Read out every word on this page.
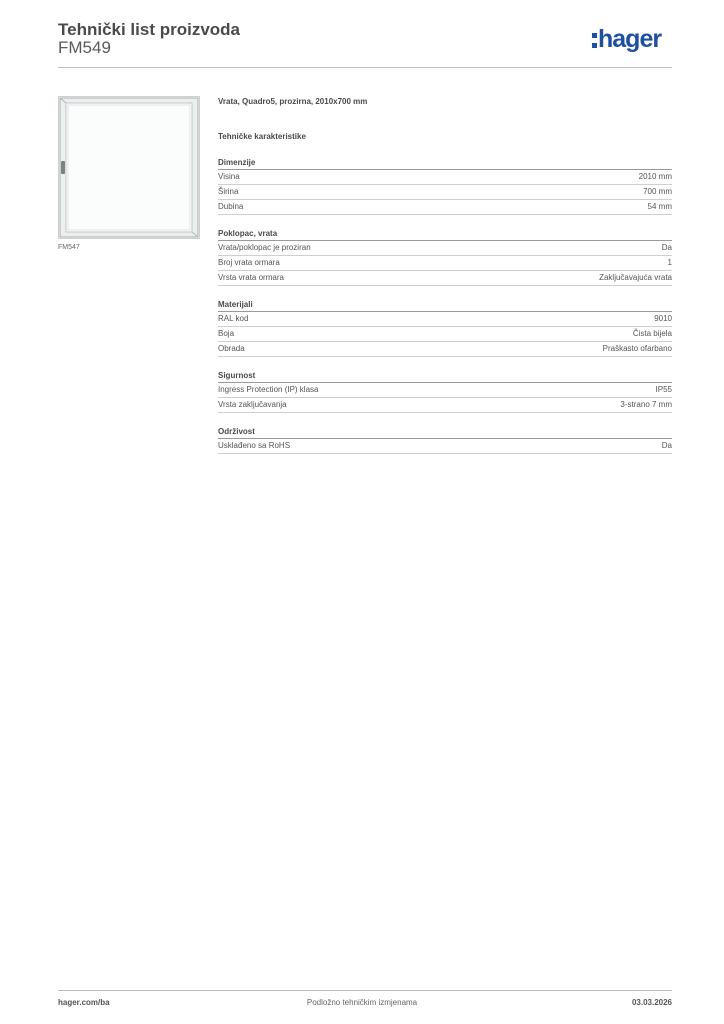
Tehnički list proizvoda
FM549	hager
FM547
Vrata, Quadro5, prozirna, 2010x700 mm
Tehničke karakteristike
Dimenzije
Visina	2010 mm
Širina	700 mm
Dubina	54 mm
Poklopac, vrata
Vrata/poklopac je proziran	Da
Broj vrata ormara	1
Vrsta vrata ormara	Zaključavajuća vrata
Materijali
RAL kod	9010
Boja	Čista bijela
Obrada	Praškasto ofarbano
Sigurnost
Ingress Protection (IP) klasa	IP55
Vrsta zaključavanja	3-strano 7 mm
Održivost
Usklađeno sa RoHS	Da
hager.com/ba	Podložno tehničkim izmjenama	03.03.2026
